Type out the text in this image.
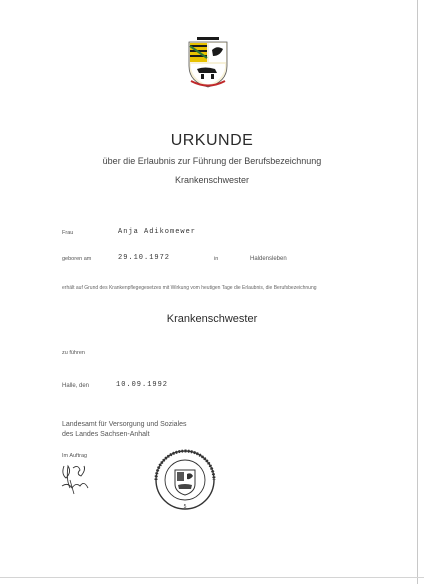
URKUNDE
über die Erlaubnis zur Führung der Berufsbezeichnung
Krankenschwester
Frau	Anja Adikomewer
geboren am	29.10.1972	in	Haldensleben
erhält auf Grund des Krankenpflegegesetzes mit Wirkung vom heutigen Tage die Erlaubnis, die Berufsbezeichnung
Krankenschwester
zu führen
Halle, den	10.09.1992
Landesamt für Versorgung und Soziales
des Landes Sachsen-Anhalt
Im Auftrag
5
